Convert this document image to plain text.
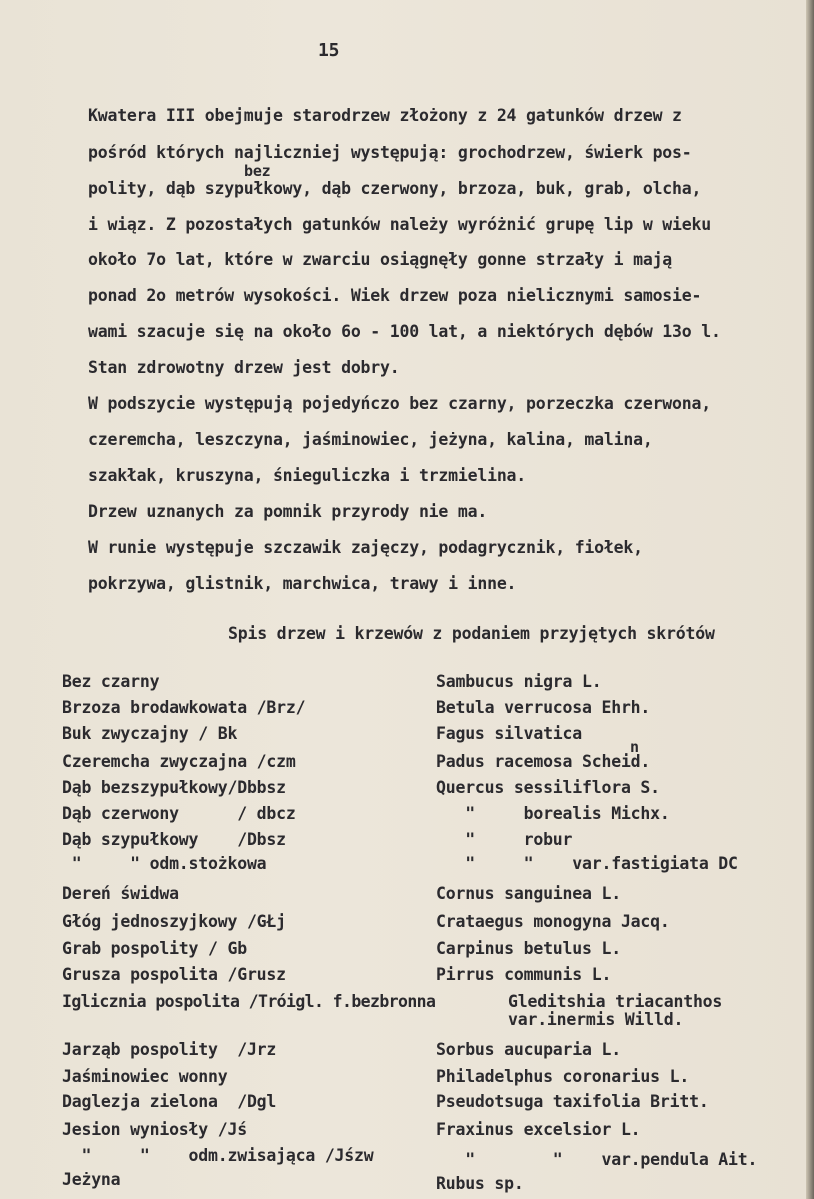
15
Kwatera III obejmuje starodrzew złożony z 24 gatunków drzew z
pośród których najliczniej występują: grochodrzew, świerk pos-
bez
polity, dąb szypułkowy, dąb czerwony, brzoza, buk, grab, olcha,
i wiąz. Z pozostałych gatunków należy wyróżnić grupę lip w wieku
około 7o lat, które w zwarciu osiągnęły gonne strzały i mają
ponad 2o metrów wysokości. Wiek drzew poza nielicznymi samosie-
wami szacuje się na około 6o - 100 lat, a niektórych dębów 13o l.
Stan zdrowotny drzew jest dobry.
W podszycie występują pojedyńczo bez czarny, porzeczka czerwona,
czeremcha, leszczyna, jaśminowiec, jeżyna, kalina, malina,
szakłak, kruszyna, śnieguliczka i trzmielina.
Drzew uznanych za pomnik przyrody nie ma.
W runie występuje szczawik zajęczy, podagrycznik, fiołek,
pokrzywa, glistnik, marchwica, trawy i inne.
Spis drzew i krzewów z podaniem przyjętych skrótów
Bez czarny	Sambucus nigra L.
Brzoza brodawkowata /Brz/	Betula verrucosa Ehrh.
Buk zwyczajny / Bk	Fagus silvatica
n
Czeremcha zwyczajna /czm	Padus racemosa Scheid.
Dąb bezszypułkowy/Dbbsz	Quercus sessiliflora S.
Dąb czerwony      / dbcz	"     borealis Michx.
Dąb szypułkowy    /Dbsz	"     robur
"     " odm.stożkowa	"     "    var.fastigiata DC
Dereń świdwa	Cornus sanguinea L.
Głóg jednoszyjkowy /GŁj	Crataegus monogyna Jacq.
Grab pospolity / Gb	Carpinus betulus L.
Grusza pospolita /Grusz	Pirrus communis L.
Iglicznia pospolita /Tróigl. f.bezbronna	Gleditshia triacanthos
var.inermis Willd.
Jarząb pospolity  /Jrz	Sorbus aucuparia L.
Jaśminowiec wonny	Philadelphus coronarius L.
Daglezja zielona  /Dgl	Pseudotsuga taxifolia Britt.
Jesion wyniosły /Jś	Fraxinus excelsior L.
"     "    odm.zwisająca /Jśzw	"        "    var.pendula Ait.
Jeżyna	Rubus sp.
